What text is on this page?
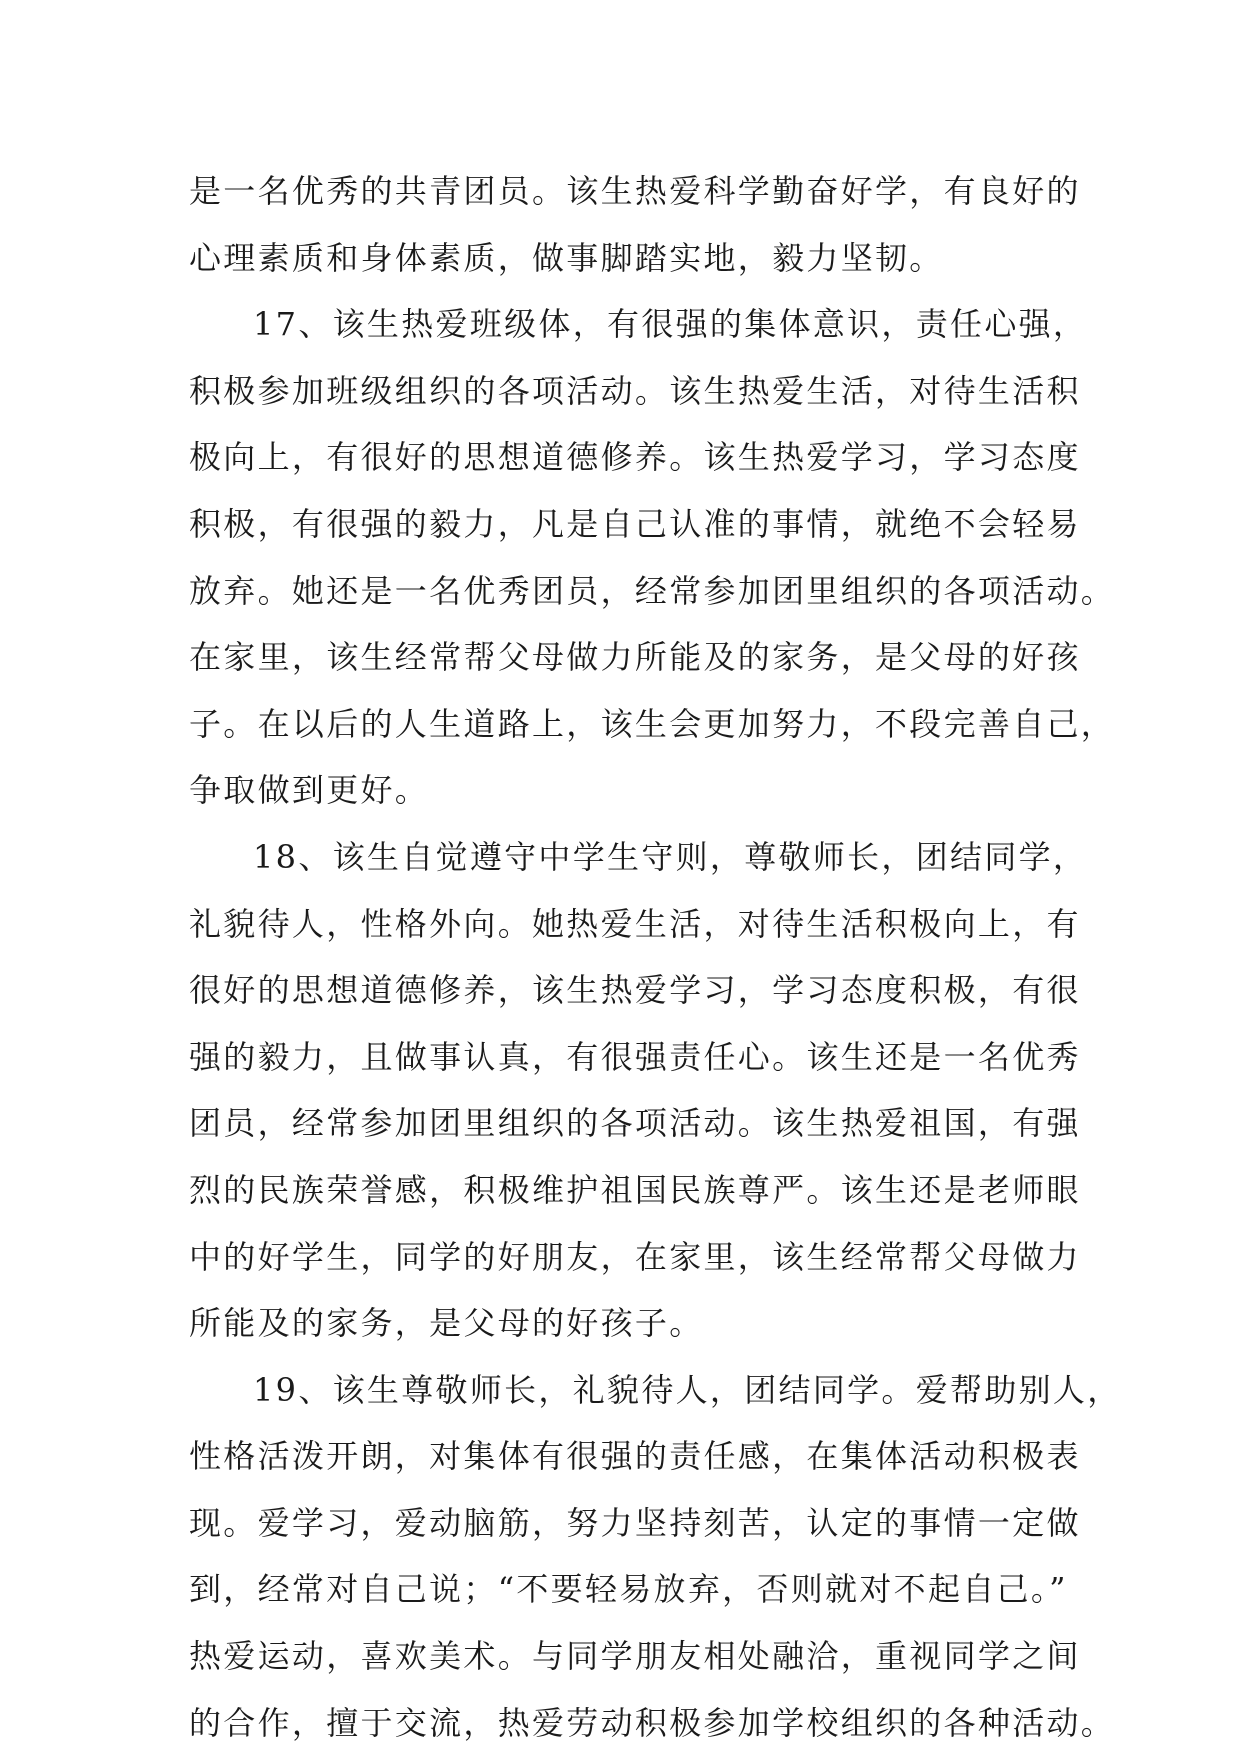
是一名优秀的共青团员。该生热爱科学勤奋好学，有良好的
心理素质和身体素质，做事脚踏实地，毅力坚韧。
17、该生热爱班级体，有很强的集体意识，责任心强，
积极参加班级组织的各项活动。该生热爱生活，对待生活积
极向上，有很好的思想道德修养。该生热爱学习，学习态度
积极，有很强的毅力，凡是自己认准的事情，就绝不会轻易
放弃。她还是一名优秀团员，经常参加团里组织的各项活动。
在家里，该生经常帮父母做力所能及的家务，是父母的好孩
子。在以后的人生道路上，该生会更加努力，不段完善自己，
争取做到更好。
18、该生自觉遵守中学生守则，尊敬师长，团结同学，
礼貌待人，性格外向。她热爱生活，对待生活积极向上，有
很好的思想道德修养，该生热爱学习，学习态度积极，有很
强的毅力，且做事认真，有很强责任心。该生还是一名优秀
团员，经常参加团里组织的各项活动。该生热爱祖国，有强
烈的民族荣誉感，积极维护祖国民族尊严。该生还是老师眼
中的好学生，同学的好朋友，在家里，该生经常帮父母做力
所能及的家务，是父母的好孩子。
19、该生尊敬师长，礼貌待人，团结同学。爱帮助别人，
性格活泼开朗，对集体有很强的责任感，在集体活动积极表
现。爱学习，爱动脑筋，努力坚持刻苦，认定的事情一定做
到，经常对自己说；“不要轻易放弃，否则就对不起自己。”
热爱运动，喜欢美术。与同学朋友相处融洽，重视同学之间
的合作，擅于交流，热爱劳动积极参加学校组织的各种活动。
